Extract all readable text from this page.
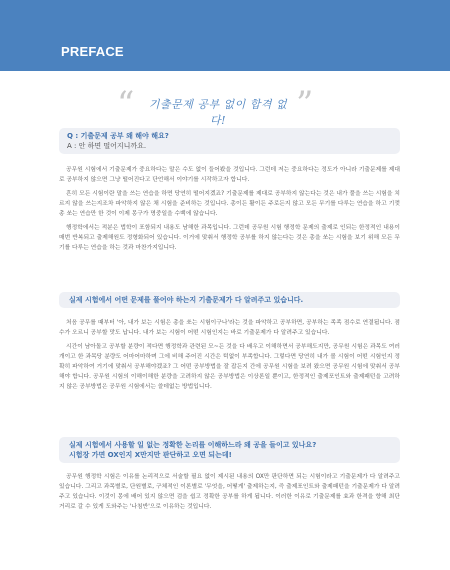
PREFACE
“	기출문제 공부 없이 합격 없다!	”
Q : 기출문제 공부 왜 해야 해요?
A : 안 하면 떨어지니까요.

공무원 시험에서 기출문제가 중요하다는 말은 수도 없이 들어봤을 것입니다. 그런데 저는 중요하다는 정도가 아니라 기출문제를 제대로 공부하지 않으면 그냥 떨어진다고 단언해서 이야기를 시작하고자 합니다.

흔히 모든 시험이란 말을 쓰는 연습을 하면 당연히 떨어지겠죠? 기출문제를 제대로 공부하지 않는다는 것은 내가 풀을 쓰는 시험을 치르지 않을 쓰는지조차 파악하지 않은 채 시험을 준비하는 것입니다. 총이든 활이든 주로든지 않고 모든 무기를 다루는 연습을 하고 기껏 총 쏘는 연습만 한 것이 이제 몽구가 명중일을 수백에 않습니다.

행정학에서는 적분은 법학이 포함되지 내용도 남해한 과목입니다. 그런데 공무원 시험 행정학 문제의 출제로 인되는 한정적인 내용이 매번 반복되고 출제해원도 정형화되어 있습니다. 이거에 맞춰서 행정학 공부를 하지 않는다는 것은 총을 쏘는 시험을 보기 위해 모든 무기를 다루는 연습을 하는 것과 마찬가지입니다.

실제 시험에서 어떤 문제를 풀어야 하는지 기출문제가 다 알려주고 있습니다.

처음 공무를 때부터 '아, 내가 보는 시험은 총을 쏘는 시험이구나'라는 것을 파악하고 공부하면, 공부하는 족족 점수로 연결됩니다. 점수가 오르니 공부할 맛도 납니다. 내가 보는 시험이 어떤 시험인지는 바로 기출문제가 다 알려주고 있습니다.

시간이 남아돌고 공부할 분량이 적다면 행정학과 관련된 모~든 것을 다 배우고 이해하면서 공부해도지만, 공무원 시험은 과목도 여러 개이고 한 과목당 분량도 어마어마하며 그에 비해 주어진 시간은 턱없이 부족합니다. 그렇다면 당연히 내가 볼 시험이 어떤 시험인지 정확히 파악하여 거기에 맞춰서 공부해야겠죠? 그 어떤 공부방법을 잘 잡든지 간에 공무원 시험을 보려 왔으면 공무원 시험에 맞춰서 공부해야 합니다. 공무원 시험의 이해이해한 분량을 고려하지 않은 공부방법은 이상론일 뿐이고, 한정적인 출제포인트와 출제패턴을 고려하지 않은 공부방법은 공무원 시험에서는 쓸데없는 방법입니다.

실제 시험에서 사용할 일 없는 정확한 논리를 이해하느라 왜 공을 들이고 있나요?
시험장 가면 OX인지 X만지만 판단하고 오면 되는데!

공무원 행정학 시험은 이유를 논리적으로 서술할 필요 없이 제시된 내용의 OX만 판단하면 되는 시험이라고 기출문제가 다 알려주고 있습니다. 그리고 과목별로, 단원별로, 구체적인 이론별로 '무엇을, 어떻게' 출제하는지, 즉 출제포인트와 출제패턴을 기출문제가 다 알려주고 있습니다. 이것이 몽에 배어 있지 않으면 검을 쉽고 정확한 공부를 하게 됩니다. 이러한 이유로 기출문제를 효과 한격을 향해 최단거리로 갈 수 있게 도와주는 '나침반'으로 이유하는 것입니다.
